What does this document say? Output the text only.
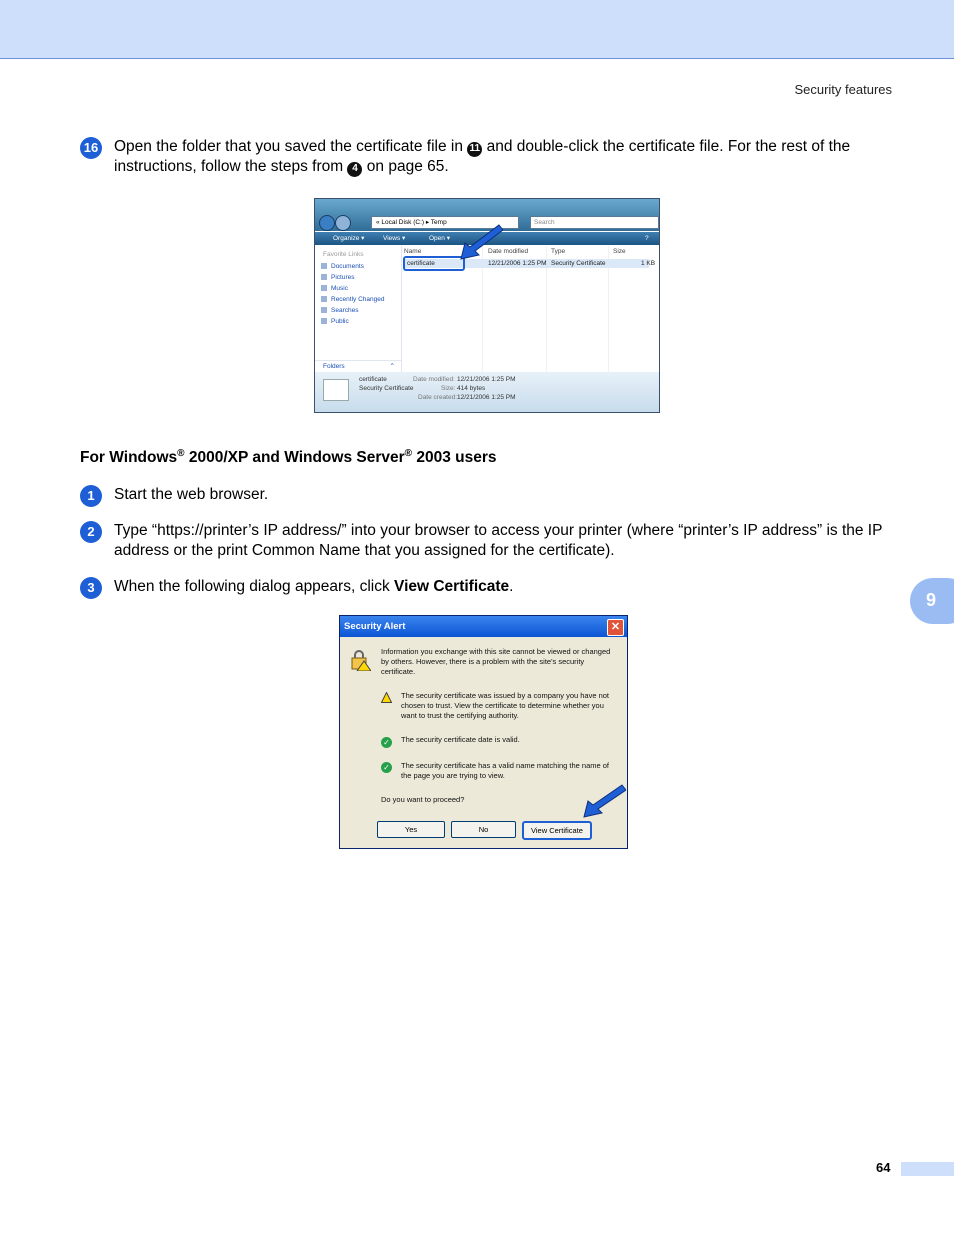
Security features
16 Open the folder that you saved the certificate file in 11 and double-click the certificate file. For the rest of the instructions, follow the steps from 4 on page 65.
« Local Disk (C:) ▸ Temp	Search
Organize ▾	Views ▾	Open ▾	?
Favorite Links
Documents
Pictures
Music
Recently Changed
Searches
Public
Folders	⌃
Name	Date modified	Type	Size
certificate	12/21/2006 1:25 PM Security Certificate	1 KB
certificate
Security Certificate
Date modified: 12/21/2006 1:25 PM
Size: 414 bytes
Date created: 12/21/2006 1:25 PM
For Windows® 2000/XP and Windows Server® 2003 users
1	Start the web browser.
2	Type “https://printer’s IP address/” into your browser to access your printer (where “printer’s IP address” is the IP address or the print Common Name that you assigned for the certificate).
3	When the following dialog appears, click View Certificate.
9
Security Alert	✕
Information you exchange with this site cannot be viewed or changed by others. However, there is a problem with the site's security certificate.
The security certificate was issued by a company you have not chosen to trust. View the certificate to determine whether you want to trust the certifying authority.
✓ The security certificate date is valid.
✓ The security certificate has a valid name matching the name of the page you are trying to view.
Do you want to proceed?
Yes	No	View Certificate
64
